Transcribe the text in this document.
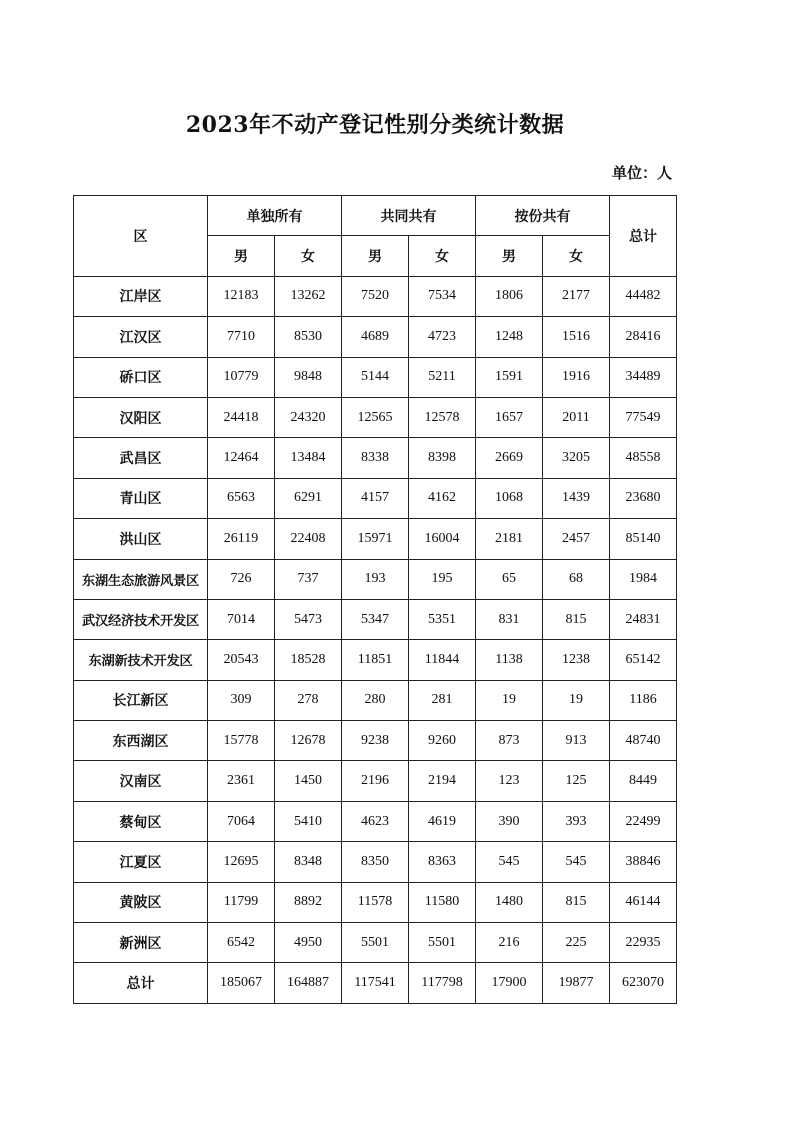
2023年不动产登记性别分类统计数据
单位：人
区	单独所有		共同共有		按份共有		总计
	男	女	男	女	男	女	
江岸区	12183	13262	7520	7534	1806	2177	44482
江汉区	7710	8530	4689	4723	1248	1516	28416
硚口区	10779	9848	5144	5211	1591	1916	34489
汉阳区	24418	24320	12565	12578	1657	2011	77549
武昌区	12464	13484	8338	8398	2669	3205	48558
青山区	6563	6291	4157	4162	1068	1439	23680
洪山区	26119	22408	15971	16004	2181	2457	85140
东湖生态旅游风景区	726	737	193	195	65	68	1984
武汉经济技术开发区	7014	5473	5347	5351	831	815	24831
东湖新技术开发区	20543	18528	11851	11844	1138	1238	65142
长江新区	309	278	280	281	19	19	1186
东西湖区	15778	12678	9238	9260	873	913	48740
汉南区	2361	1450	2196	2194	123	125	8449
蔡甸区	7064	5410	4623	4619	390	393	22499
江夏区	12695	8348	8350	8363	545	545	38846
黄陂区	11799	8892	11578	11580	1480	815	46144
新洲区	6542	4950	5501	5501	216	225	22935
总计	185067	164887	117541	117798	17900	19877	623070
